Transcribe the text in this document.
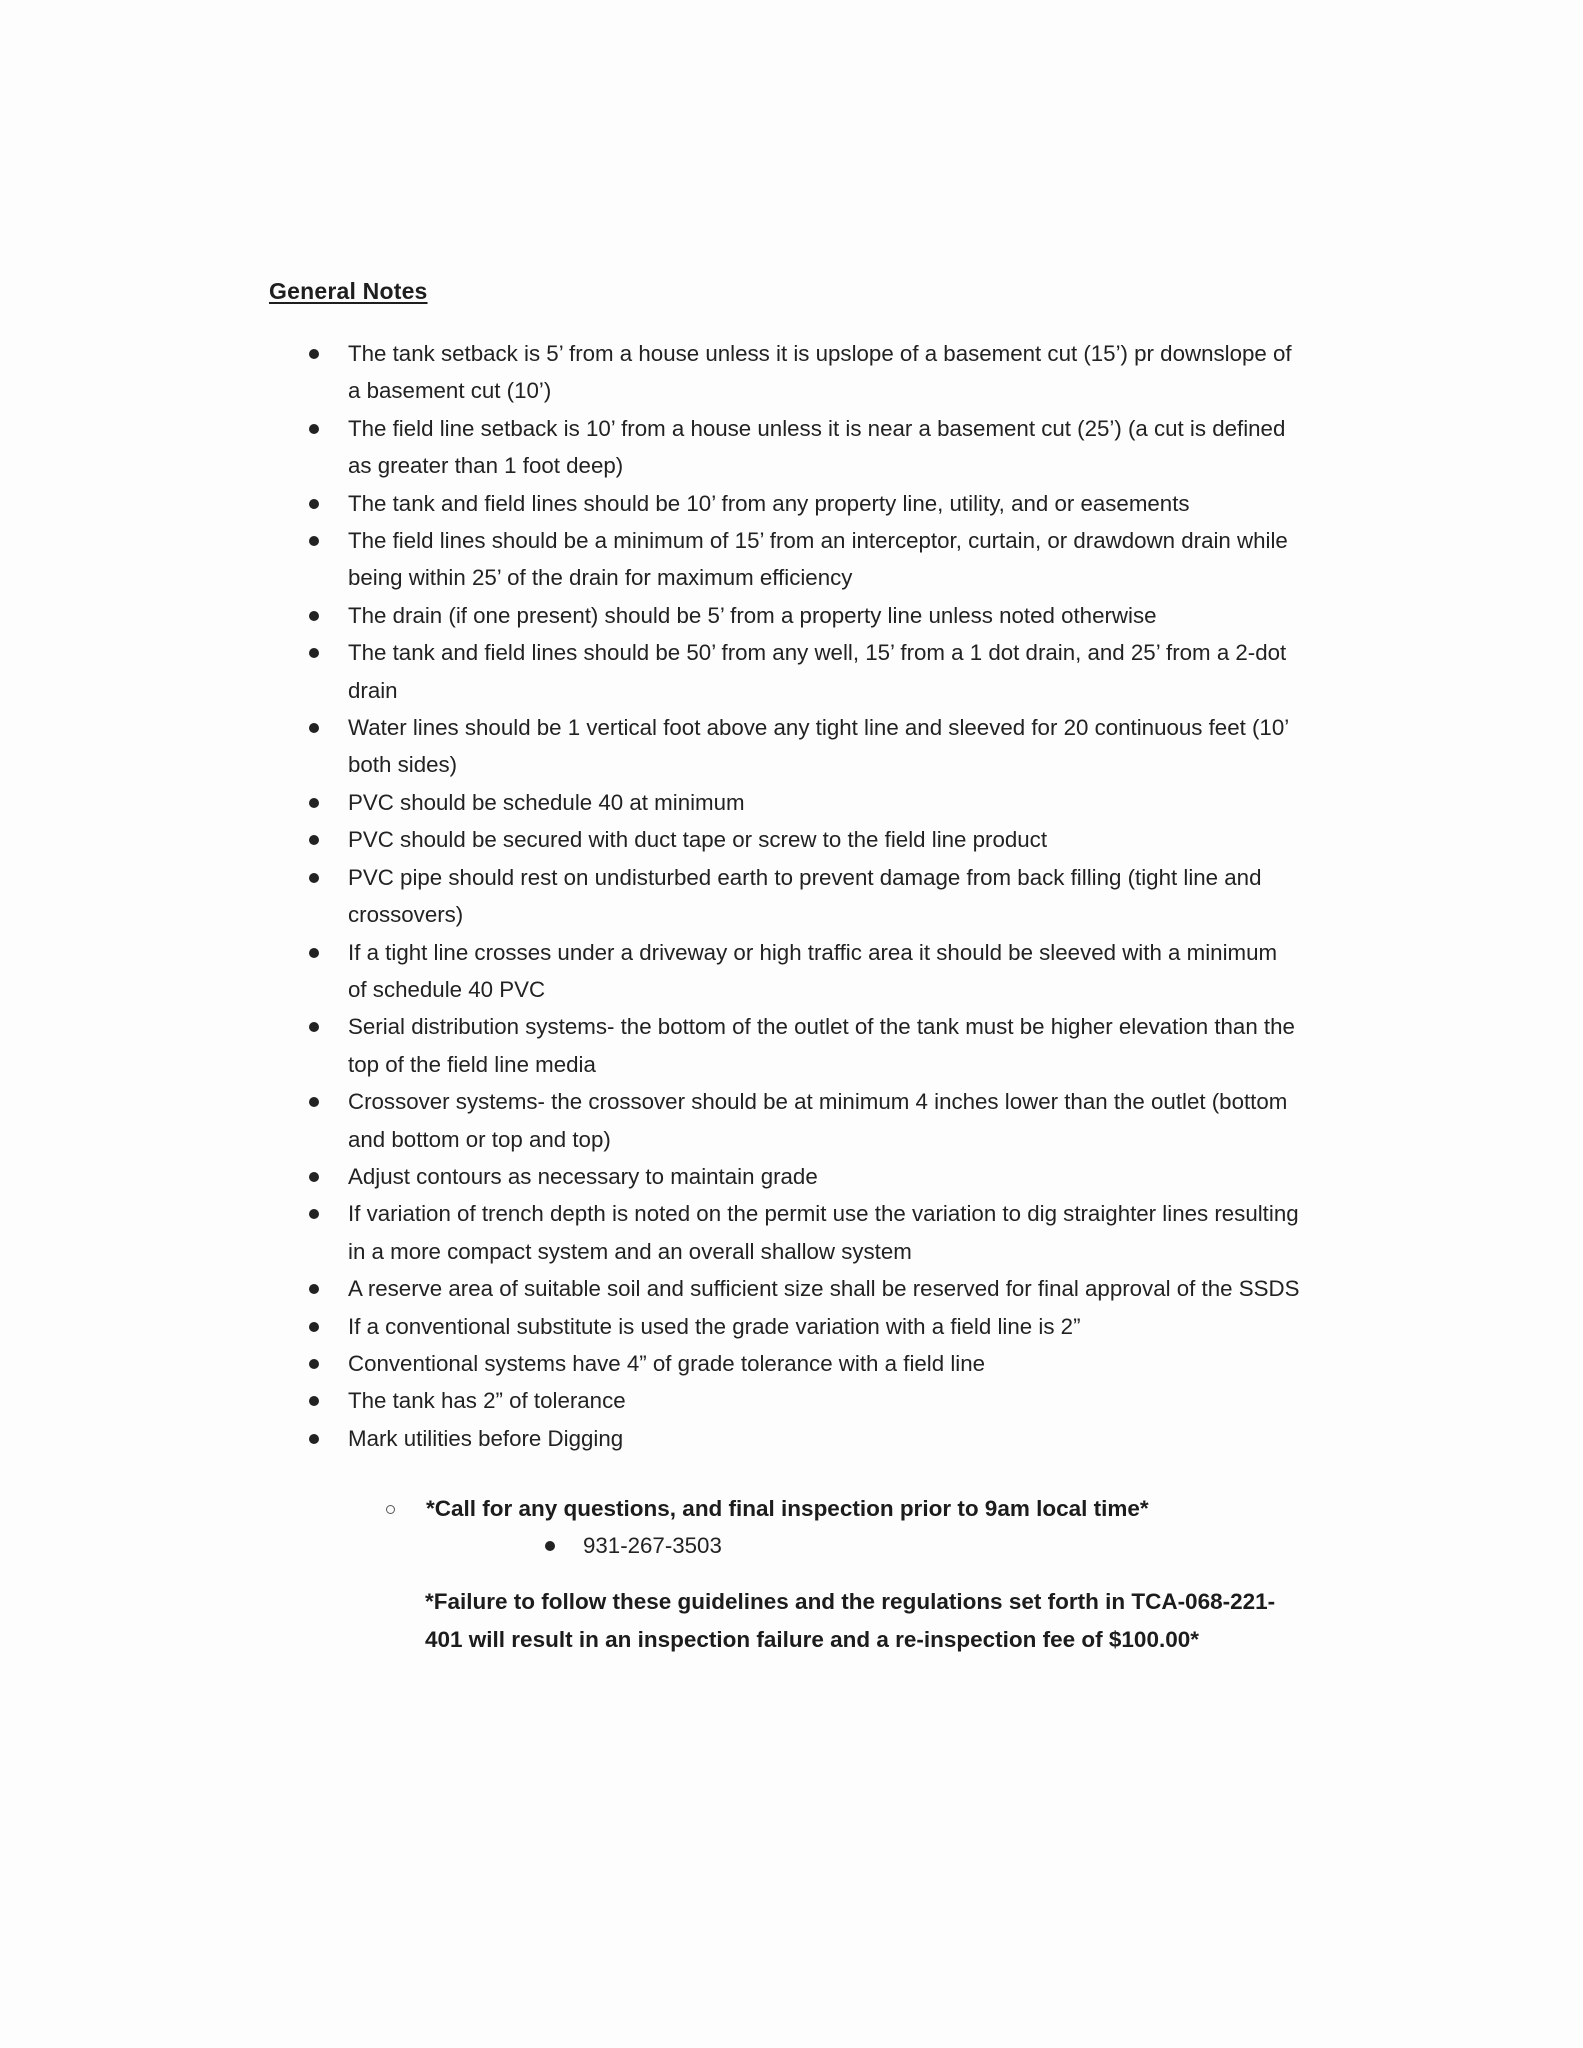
General Notes
The tank setback is 5’ from a house unless it is upslope of a basement cut (15’) pr downslope of a basement cut (10’)
The field line setback is 10’ from a house unless it is near a basement cut (25’) (a cut is defined as greater than 1 foot deep)
The tank and field lines should be 10’ from any property line, utility, and or easements
The field lines should be a minimum of 15’ from an interceptor, curtain, or drawdown drain while being within 25’ of the drain for maximum efficiency
The drain (if one present) should be 5’ from a property line unless noted otherwise
The tank and field lines should be 50’ from any well, 15’ from a 1 dot drain, and 25’ from a 2-dot drain
Water lines should be 1 vertical foot above any tight line and sleeved for 20 continuous feet (10’ both sides)
PVC should be schedule 40 at minimum
PVC should be secured with duct tape or screw to the field line product
PVC pipe should rest on undisturbed earth to prevent damage from back filling (tight line and crossovers)
If a tight line crosses under a driveway or high traffic area it should be sleeved with a minimum of schedule 40 PVC
Serial distribution systems- the bottom of the outlet of the tank must be higher elevation than the top of the field line media
Crossover systems- the crossover should be at minimum 4 inches lower than the outlet (bottom and bottom or top and top)
Adjust contours as necessary to maintain grade
If variation of trench depth is noted on the permit use the variation to dig straighter lines resulting in a more compact system and an overall shallow system
A reserve area of suitable soil and sufficient size shall be reserved for final approval of the SSDS
If a conventional substitute is used the grade variation with a field line is 2”
Conventional systems have 4” of grade tolerance with a field line
The tank has 2” of tolerance
Mark utilities before Digging
*Call for any questions, and final inspection prior to 9am local time*
931-267-3503
*Failure to follow these guidelines and the regulations set forth in TCA-068-221-401 will result in an inspection failure and a re-inspection fee of $100.00*
